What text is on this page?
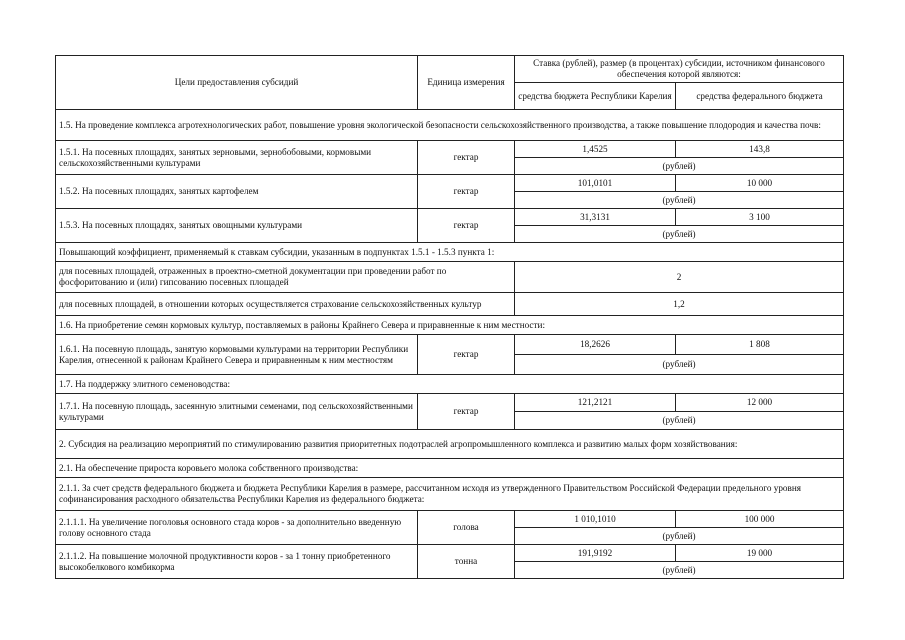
Цели предоставления субсидий	Единица измерения	Ставка (рублей), размер (в процентах) субсидии, источником финансового обеспечения которой являются:	
		средства бюджета Республики Карелия	средства федерального бюджета
1.5. На проведение комплекса агротехнологических работ, повышение уровня экологической безопасности сельскохозяйственного производства, а также повышение плодородия и качества почв:			
1.5.1. На посевных площадях, занятых зерновыми, зернобобовыми, кормовыми сельскохозяйственными культурами	гектар	1,4525	143,8
		(рублей)	
1.5.2. На посевных площадях, занятых картофелем	гектар	101,0101	10 000
		(рублей)	
1.5.3. На посевных площадях, занятых овощными культурами	гектар	31,3131	3 100
		(рублей)	
Повышающий коэффициент, применяемый к ставкам субсидии, указанным в подпунктах 1.5.1 - 1.5.3 пункта 1:			
для посевных площадей, отраженных в проектно-сметной документации при проведении работ по фосфоритованию и (или) гипсованию посевных площадей		2	
для посевных площадей, в отношении которых осуществляется страхование сельскохозяйственных культур		1,2	
1.6. На приобретение семян кормовых культур, поставляемых в районы Крайнего Севера и приравненные к ним местности:			
1.6.1. На посевную площадь, занятую кормовыми культурами на территории Республики Карелия, отнесенной к районам Крайнего Севера и приравненным к ним местностям	гектар	18,2626	1 808
		(рублей)	
1.7. На поддержку элитного семеноводства:			
1.7.1. На посевную площадь, засеянную элитными семенами, под сельскохозяйственными культурами	гектар	121,2121	12 000
		(рублей)	
2. Субсидия на реализацию мероприятий по стимулированию развития приоритетных подотраслей агропромышленного комплекса и развитию малых форм хозяйствования:			
2.1. На обеспечение прироста коровьего молока собственного производства:			
2.1.1. За счет средств федерального бюджета и бюджета Республики Карелия в размере, рассчитанном исходя из утвержденного Правительством Российской Федерации предельного уровня софинансирования расходного обязательства Республики Карелия из федерального бюджета:			
2.1.1.1. На увеличение поголовья основного стада коров - за дополнительно введенную голову основного стада	голова	1 010,1010	100 000
		(рублей)	
2.1.1.2. На повышение молочной продуктивности коров - за 1 тонну приобретенного высокобелкового комбикорма	тонна	191,9192	19 000
		(рублей)	
